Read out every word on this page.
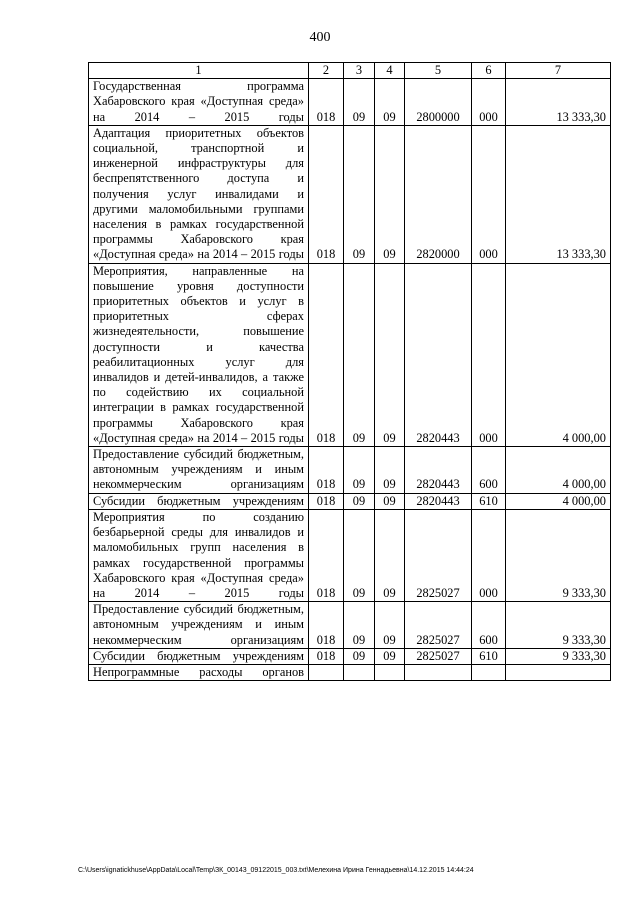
400
1	2	3	4	5	6	7
Государственная программа Хабаровского края «Доступная среда» на 2014 – 2015 годы	018	09	09	2800000	000	13 333,30
Адаптация приоритетных объектов социальной, транспортной и инженерной инфраструктуры для беспрепятственного доступа и получения услуг инвалидами и другими маломобильными группами населения в рамках государственной программы Хабаровского края «Доступная среда» на 2014 – 2015 годы	018	09	09	2820000	000	13 333,30
Мероприятия, направленные на повышение уровня доступности приоритетных объектов и услуг в приоритетных сферах жизнедеятельности, повышение доступности и качества реабилитационных услуг для инвалидов и детей-инвалидов, а также по содействию их социальной интеграции в рамках государственной программы Хабаровского края «Доступная среда» на 2014 – 2015 годы	018	09	09	2820443	000	4 000,00
Предоставление субсидий бюджетным, автономным учреждениям и иным некоммерческим организациям	018	09	09	2820443	600	4 000,00
Субсидии бюджетным учреждениям	018	09	09	2820443	610	4 000,00
Мероприятия по созданию безбарьерной среды для инвалидов и маломобильных групп населения в рамках государственной программы Хабаровского края «Доступная среда» на 2014 – 2015 годы	018	09	09	2825027	000	9 333,30
Предоставление субсидий бюджетным, автономным учреждениям и иным некоммерческим организациям	018	09	09	2825027	600	9 333,30
Субсидии бюджетным учреждениям	018	09	09	2825027	610	9 333,30
Непрограммные расходы органов						
C:\Users\ignatickhuse\AppData\Local\Temp\ЗК_00143_09122015_003.txt\Мелехина Ирина Геннадьевна\14.12.2015 14:44:24
